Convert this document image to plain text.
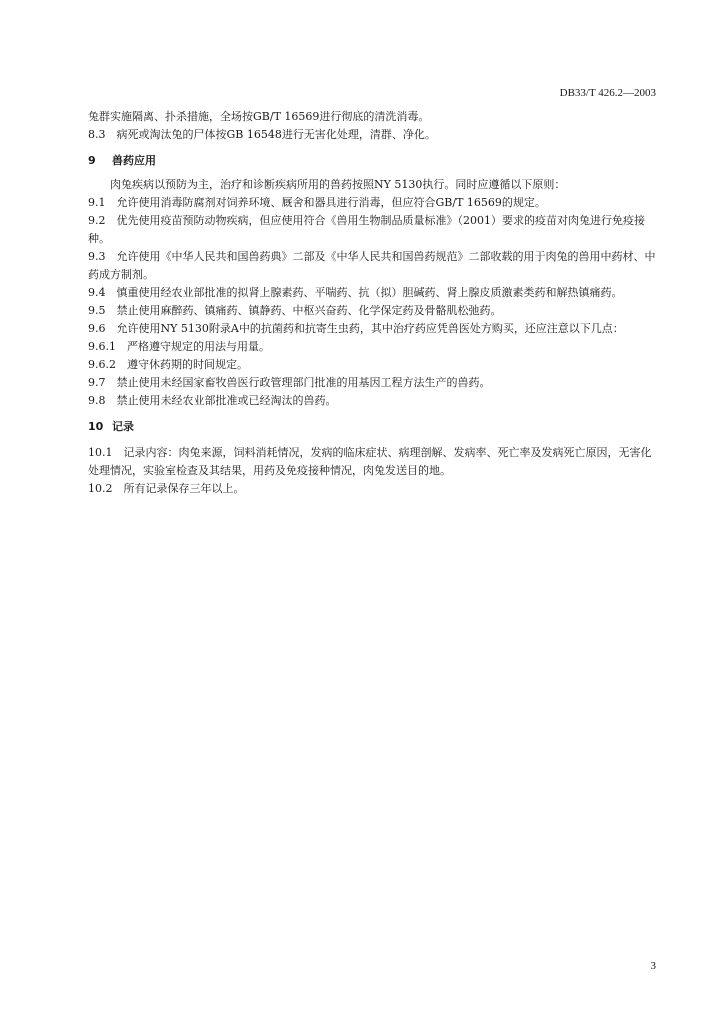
DB33/T 426.2—2003

兔群实施隔离、扑杀措施，全场按GB/T 16569进行彻底的清洗消毒。

8.3　病死或淘汰兔的尸体按GB 16548进行无害化处理，清群、净化。

9 兽药应用

肉兔疾病以预防为主，治疗和诊断疾病所用的兽药按照NY 5130执行。同时应遵循以下原则：

9.1　允许使用消毒防腐剂对饲养环境、厩舍和器具进行消毒，但应符合GB/T 16569的规定。

9.2　优先使用疫苗预防动物疾病，但应使用符合《兽用生物制品质量标准》（2001）要求的疫苗对肉兔进行免疫接种。

9.3　允许使用《中华人民共和国兽药典》二部及《中华人民共和国兽药规范》二部收载的用于肉兔的兽用中药材、中药成方制剂。

9.4　慎重使用经农业部批准的拟肾上腺素药、平喘药、抗（拟）胆碱药、肾上腺皮质激素类药和解热镇痛药。

9.5　禁止使用麻醉药、镇痛药、镇静药、中枢兴奋药、化学保定药及骨骼肌松弛药。

9.6　允许使用NY 5130附录A中的抗菌药和抗寄生虫药，其中治疗药应凭兽医处方购买，还应注意以下几点：

9.6.1　严格遵守规定的用法与用量。

9.6.2　遵守休药期的时间规定。

9.7　禁止使用未经国家畜牧兽医行政管理部门批准的用基因工程方法生产的兽药。

9.8　禁止使用未经农业部批准或已经淘汰的兽药。

10 记录

10.1　记录内容：肉兔来源，饲料消耗情况，发病的临床症状、病理剖解、发病率、死亡率及发病死亡原因，无害化处理情况，实验室检查及其结果，用药及免疫接种情况，肉兔发送目的地。

10.2　所有记录保存三年以上。

3
